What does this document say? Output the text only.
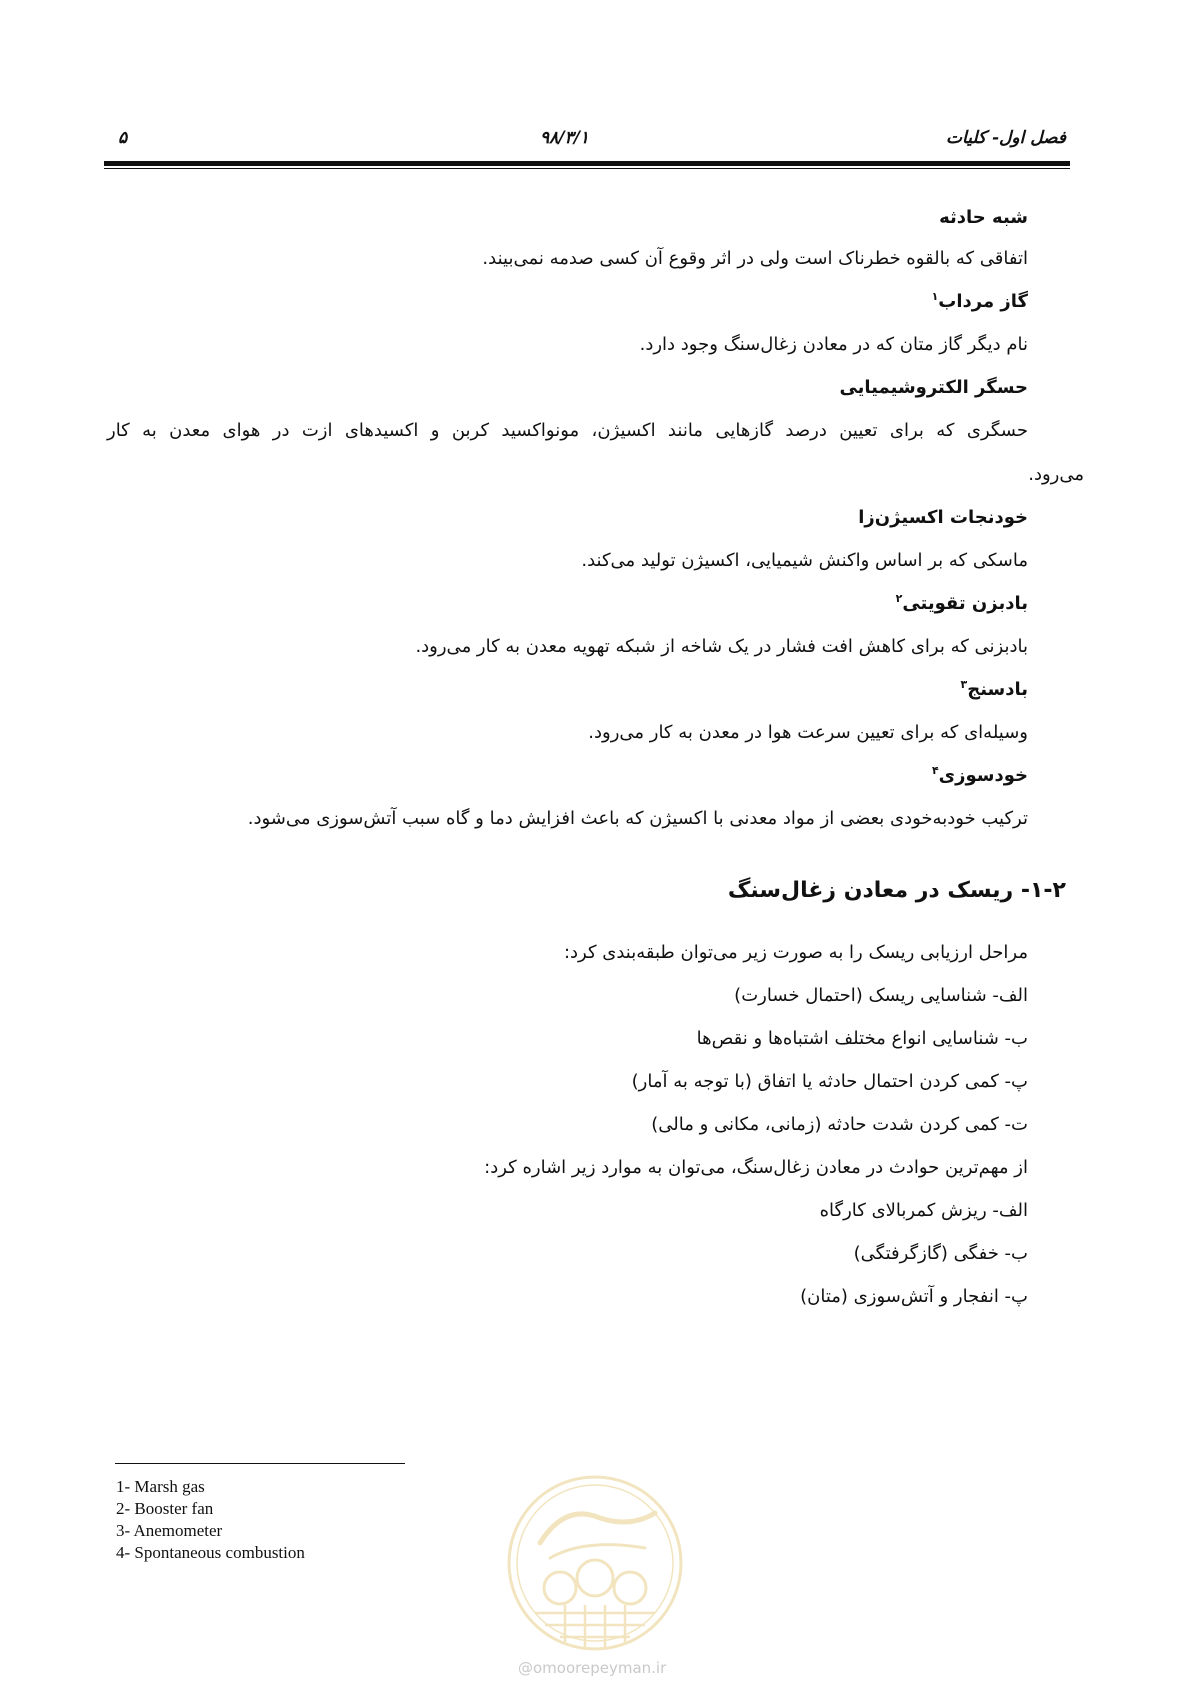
فصل اول- کلیات
۹۸/۳/۱
۵
شبه حادثه
اتفاقی که بالقوه خطرناک است ولی در اثر وقوع آن کسی صدمه نمی‌بیند.
گاز مرداب$^۱$
نام دیگر گاز متان که در معادن زغال‌سنگ وجود دارد.
حسگر الکتروشیمیایی
حسگری که برای تعیین درصد گازهایی مانند اکسیژن، مونواکسید کربن و اکسیدهای ازت در هوای معدن به کار
می‌رود.
خودنجات اکسیژن‌زا
ماسکی که بر اساس واکنش شیمیایی، اکسیژن تولید می‌کند.
بادبزن تقویتی$^۲$
بادبزنی که برای کاهش افت فشار در یک شاخه از شبکه تهویه معدن به کار می‌رود.
بادسنج$^۳$
وسیله‌ای که برای تعیین سرعت هوا در معدن به کار می‌رود.
خودسوزی$^۴$
ترکیب خودبه‌خودی بعضی از مواد معدنی با اکسیژن که باعث افزایش دما و گاه سبب آتش‌سوزی می‌شود.
۱-۲- ریسک در معادن زغال‌سنگ
مراحل ارزیابی ریسک را به صورت زیر می‌توان طبقه‌بندی کرد:
الف- شناسایی ریسک (احتمال خسارت)
ب- شناسایی انواع مختلف اشتباه‌ها و نقص‌ها
پ- کمی کردن احتمال حادثه یا اتفاق (با توجه به آمار)
ت- کمی کردن شدت حادثه (زمانی، مکانی و مالی)
از مهم‌ترین حوادث در معادن زغال‌سنگ، می‌توان به موارد زیر اشاره کرد:
الف- ریزش کمربالای کارگاه
ب- خفگی (گازگرفتگی)
پ- انفجار و آتش‌سوزی (متان)
1- Marsh gas
2- Booster fan
3- Anemometer
4- Spontaneous combustion
@omoorepeyman.ir
